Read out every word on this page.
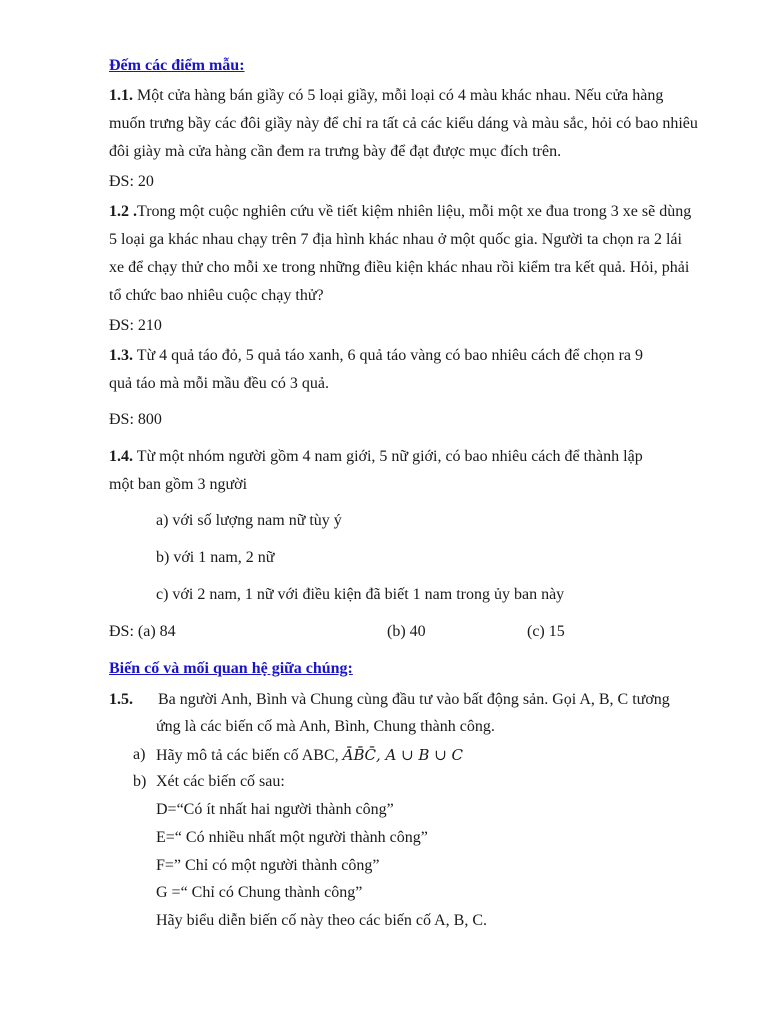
Đếm các điểm mẫu:
1.1. Một cửa hàng bán giầy có 5 loại giầy, mỗi loại có 4 màu khác nhau. Nếu cửa hàng
muốn trưng bầy các đôi giầy này để chỉ ra tất cả các kiểu dáng và màu sắc, hỏi có bao nhiêu
đôi giày mà cửa hàng cần đem ra trưng bày để đạt được mục đích trên.
ĐS: 20
1.2 .Trong một cuộc nghiên cứu về tiết kiệm nhiên liệu, mỗi một xe đua trong 3 xe sẽ dùng
5 loại ga khác nhau chạy trên 7 địa hình khác nhau ở một quốc gia. Người ta chọn ra 2 lái
xe để chạy thử cho mỗi xe trong những điều kiện khác nhau rồi kiểm tra kết quả. Hỏi, phải
tổ chức bao nhiêu cuộc chạy thử?
ĐS: 210
1.3. Từ 4 quả táo đỏ, 5 quả táo xanh, 6 quả táo vàng có bao nhiêu cách để chọn ra 9
quả táo mà mỗi mầu đều có 3 quả.
ĐS: 800
1.4. Từ một nhóm người gồm 4 nam giới, 5 nữ giới, có bao nhiêu cách để thành lập
một ban gồm 3 người
a) với số lượng nam nữ tùy ý
b) với 1 nam, 2 nữ
c) với 2 nam, 1 nữ với điều kiện đã biết 1 nam trong ủy ban này
ĐS: (a) 84	(b) 40	(c) 15
Biến cố và mối quan hệ giữa chúng:
1.5. Ba người Anh, Bình và Chung cùng đầu tư vào bất động sản. Gọi A, B, C tương
ứng là các biến cố mà Anh, Bình, Chung thành công.
a) Hãy mô tả các biến cố ABC, ĀB̄C̄, A ∪ B ∪ C
b) Xét các biến cố sau:
D=“Có ít nhất hai người thành công”
E=“ Có nhiều nhất một người thành công”
F=” Chỉ có một người thành công”
G =“ Chỉ có Chung thành công”
Hãy biểu diễn biến cố này theo các biến cố A, B, C.
